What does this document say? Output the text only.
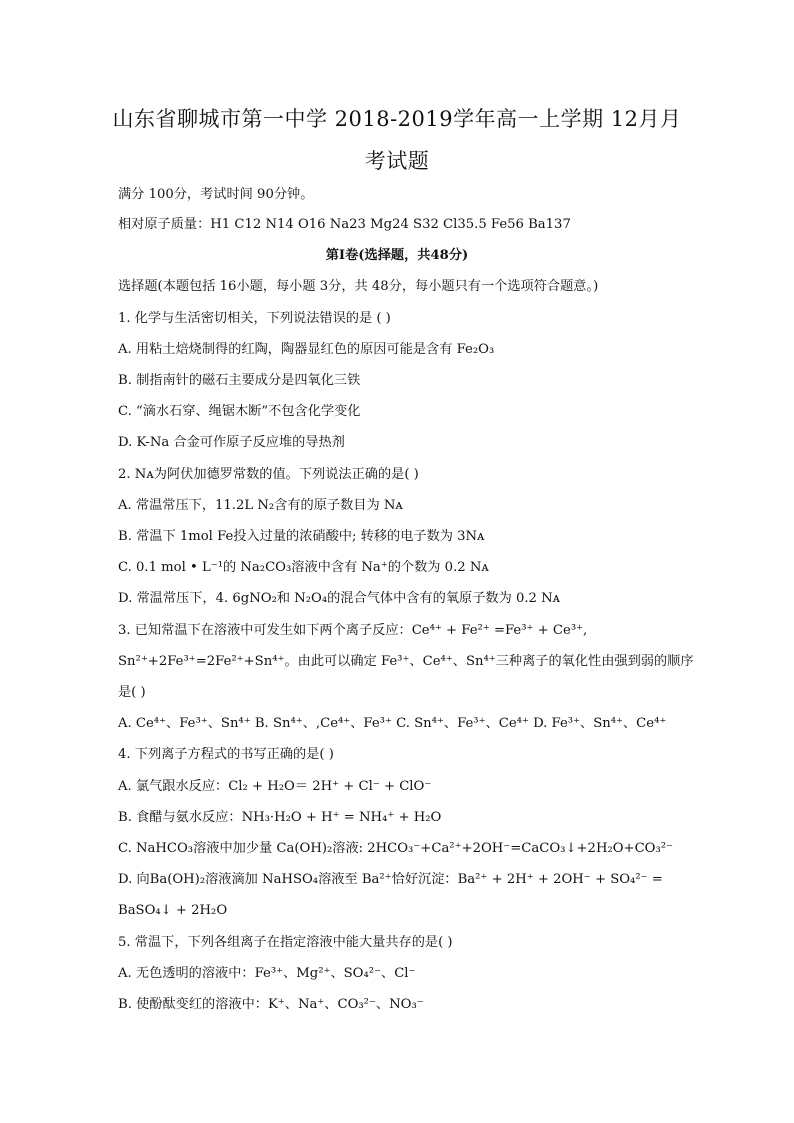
山东省聊城市第一中学 2018-2019学年高一上学期 12月月
考试题
满分 100分，考试时间 90分钟。
相对原子质量：H1 C12 N14 O16 Na23 Mg24 S32 Cl35.5 Fe56 Ba137
第Ⅰ卷(选择题，共48分)
选择题(本题包括 16小题，每小题 3分，共 48分，每小题只有一个选项符合题意。)
1. 化学与生活密切相关，下列说法错误的是 ( )
A. 用粘土焙烧制得的红陶，陶器显红色的原因可能是含有 Fe₂O₃
B. 制指南针的磁石主要成分是四氧化三铁
C. “滴水石穿、绳锯木断”不包含化学变化
D. K-Na 合金可作原子反应堆的导热剂
2. Nᴀ为阿伏加德罗常数的值。下列说法正确的是( )
A. 常温常压下，11.2L N₂含有的原子数目为 Nᴀ
B. 常温下 1mol Fe投入过量的浓硝酸中; 转移的电子数为 3Nᴀ
C. 0.1 mol • L⁻¹的 Na₂CO₃溶液中含有 Na⁺的个数为 0.2 Nᴀ
D. 常温常压下，4. 6gNO₂和 N₂O₄的混合气体中含有的氧原子数为 0.2 Nᴀ
3. 已知常温下在溶液中可发生如下两个离子反应：Ce⁴⁺ + Fe²⁺ =Fe³⁺ + Ce³⁺,
Sn²⁺+2Fe³⁺=2Fe²⁺+Sn⁴⁺。由此可以确定 Fe³⁺、Ce⁴⁺、Sn⁴⁺三种离子的氧化性由强到弱的顺序
是( )
A. Ce⁴⁺、Fe³⁺、Sn⁴⁺ B. Sn⁴⁺、,Ce⁴⁺、Fe³⁺ C. Sn⁴⁺、Fe³⁺、Ce⁴⁺ D. Fe³⁺、Sn⁴⁺、Ce⁴⁺
4. 下列离子方程式的书写正确的是( )
A. 氯气跟水反应：Cl₂ + H₂O＝ 2H⁺ + Cl⁻ + ClO⁻
B. 食醋与氨水反应：NH₃·H₂O + H⁺ = NH₄⁺ + H₂O
C. NaHCO₃溶液中加少量 Ca(OH)₂溶液: 2HCO₃⁻+Ca²⁺+2OH⁻=CaCO₃↓+2H₂O+CO₃²⁻
D. 向Ba(OH)₂溶液滴加 NaHSO₄溶液至 Ba²⁺恰好沉淀：Ba²⁺ + 2H⁺ + 2OH⁻ + SO₄²⁻ =
BaSO₄↓ + 2H₂O
5. 常温下，下列各组离子在指定溶液中能大量共存的是( )
A. 无色透明的溶液中：Fe³⁺、Mg²⁺、SO₄²⁻、Cl⁻
B. 使酚酞变红的溶液中：K⁺、Na⁺、CO₃²⁻、NO₃⁻
